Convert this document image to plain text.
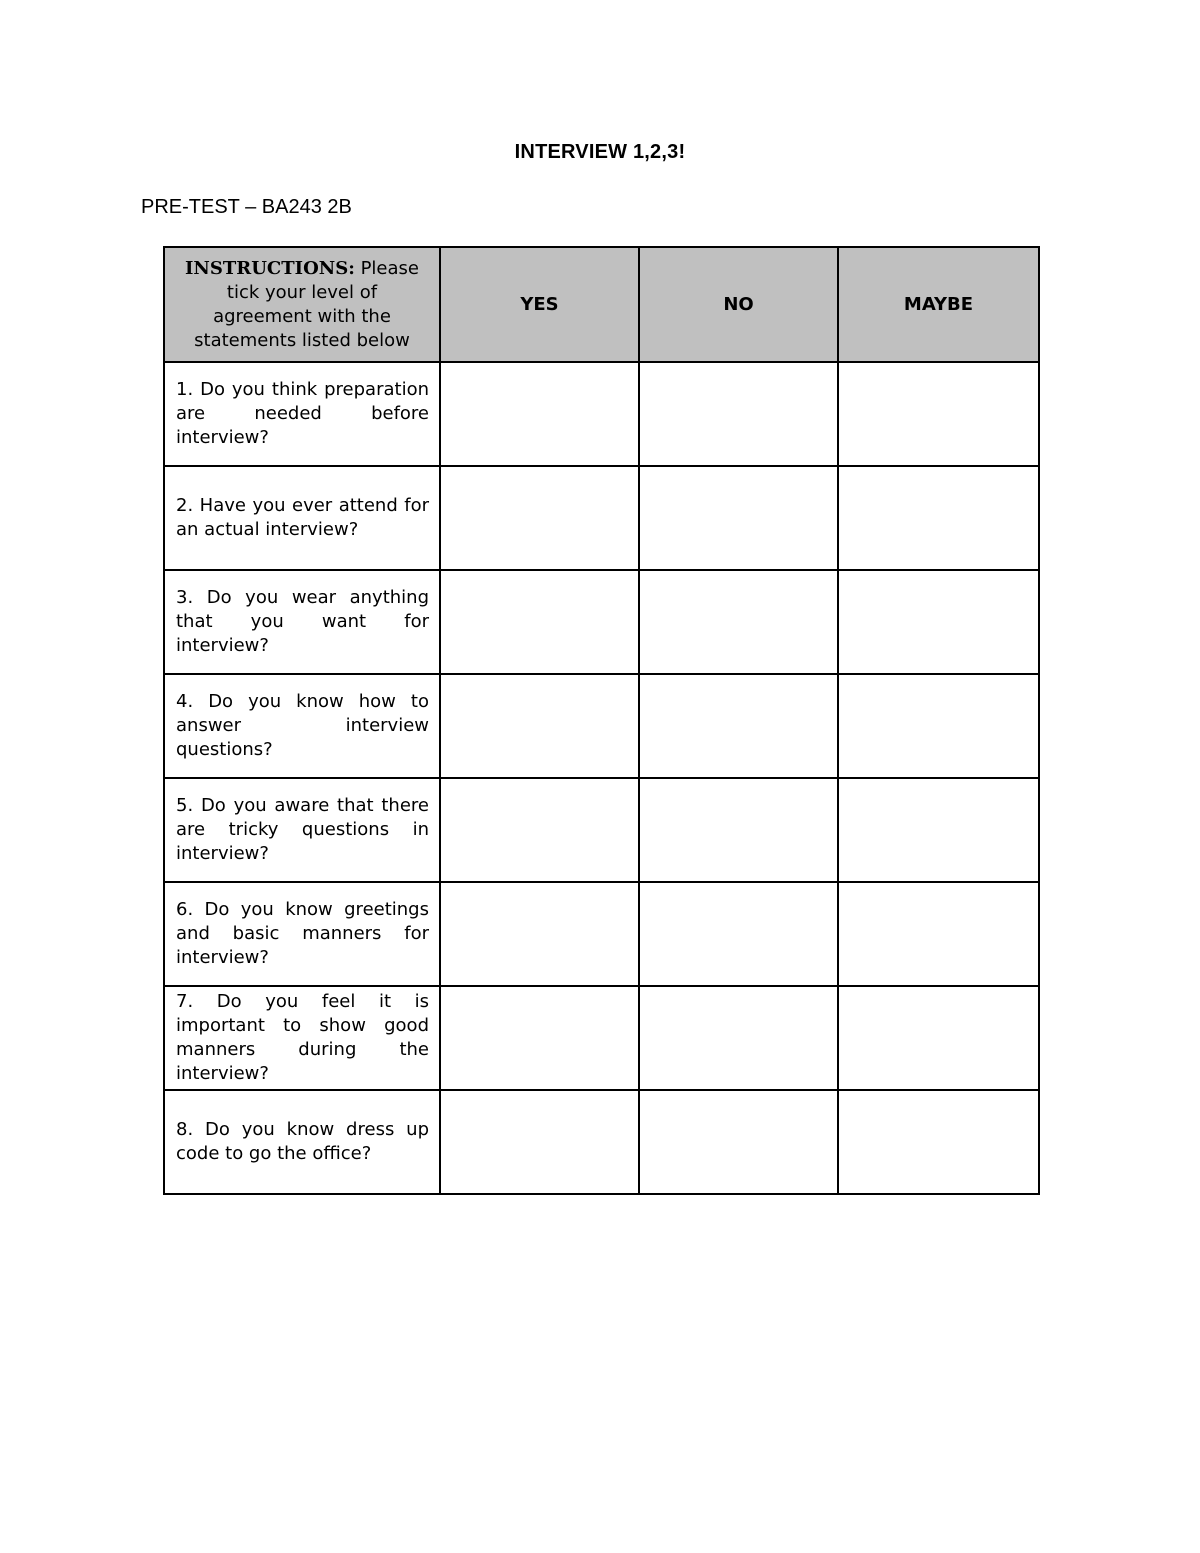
INTERVIEW 1,2,3!
PRE-TEST – BA243 2B
INSTRUCTIONS: Please tick your level of agreement with the statements listed below	YES	NO	MAYBE
1. Do you think preparation are needed before interview?			
2. Have you ever attend for an actual interview?			
3. Do you wear anything that you want for interview?			
4. Do you know how to answer interview questions?			
5. Do you aware that there are tricky questions in interview?			
6. Do you know greetings and basic manners for interview?			
7. Do you feel it is important to show good manners during the interview?			
8. Do you know dress up code to go the office?			
